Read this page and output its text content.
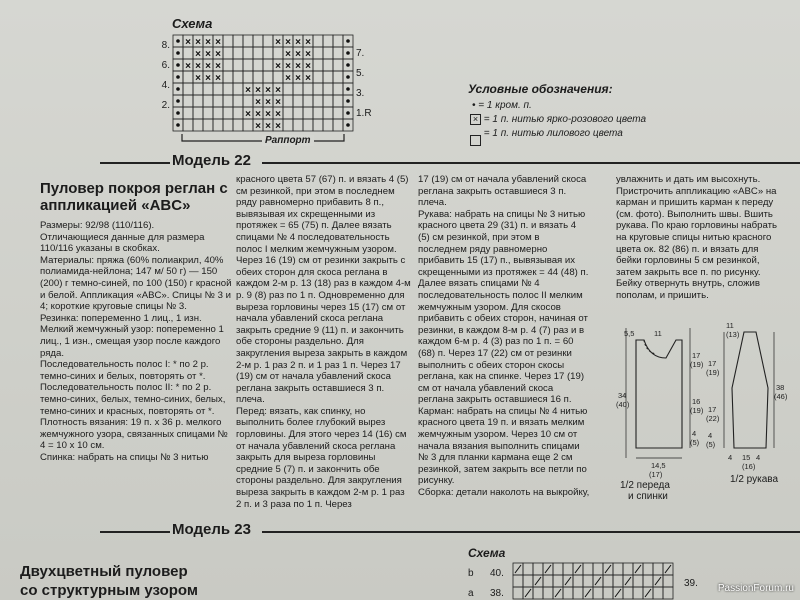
Схема
8.
6.
4.
2.
× × × ×	× × × ×
× × ×	× × ×
× × × ×	× × × ×
× × ×	× × ×
× × × ×
× × ×
× × × ×
× × ×
7.
5.
3.
1.R
Раппорт
Условные обозначения:
• = 1 кром. п.
× = 1 п. нитью ярко-розового цвета
= 1 п. нитью лилового цвета
Модель 22
Пуловер покроя реглан с аппликацией «ABC»

Размеры: 92/98 (110/116).

Отличающиеся данные для размера 110/116 указаны в скобках.

Материалы: пряжа (60% полиакрил, 40% полиамида-нейлона; 147 м/ 50 г) — 150 (200) г темно-синей, по 100 (150) г красной и белой. Аппликация «ABC». Спицы № 3 и 4; короткие круговые спицы № 3.

Резинка: попеременно 1 лиц., 1 изн.

Мелкий жемчужный узор: попеременно 1 лиц., 1 изн., смещая узор после каждого ряда.

Последовательность полос I: * по 2 р. темно-синих и белых, повторять от *.

Последовательность полос II: * по 2 р. темно-синих, белых, темно-синих, белых, темно-синих и красных, повторять от *.

Плотность вязания: 19 п. x 36 р. мелкого жемчужного узора, связанных спицами № 4 = 10 x 10 см.

Спинка: набрать на спицы № 3 нитью

красного цвета 57 (67) п. и вязать 4 (5) см резинкой, при этом в последнем ряду равномерно прибавить 8 п., вывязывая их скрещенными из протяжек = 65 (75) п. Далее вязать спицами № 4 последовательность полос I мелким жемчужным узором. Через 16 (19) см от резинки закрыть с обеих сторон для скоса реглана в каждом 2-м р. 13 (18) раз в каждом 4-м р. 9 (8) раз по 1 п. Одновременно для выреза горловины через 15 (17) см от начала убавлений скоса реглана закрыть средние 9 (11) п. и закончить обе стороны раздельно. Для закругления выреза закрыть в каждом 2-м р. 1 раз 2 п. и 1 раз 1 п. Через 17 (19) см от начала убавлений скоса реглана закрыть оставшиеся 3 п. плеча.

Перед: вязать, как спинку, но выполнить более глубокий вырез горловины. Для этого через 14 (16) см от начала убавлений скоса реглана закрыть для выреза горловины средние 5 (7) п. и закончить обе стороны раздельно. Для закругления выреза закрыть в каждом 2-м р. 1 раз 2 п. и 3 раза по 1 п. Через

17 (19) см от начала убавлений скоса реглана закрыть оставшиеся 3 п. плеча.

Рукава: набрать на спицы № 3 нитью красного цвета 29 (31) п. и вязать 4 (5) см резинкой, при этом в последнем ряду равномерно прибавить 15 (17) п., вывязывая их скрещенными из протяжек = 44 (48) п. Далее вязать спицами № 4 последовательность полос II мелким жемчужным узором. Для скосов прибавить с обеих сторон, начиная от резинки, в каждом 8-м р. 4 (7) раз и в каждом 6-м р. 4 (3) раз по 1 п. = 60 (68) п. Через 17 (22) см от резинки выполнить с обеих сторон скосы реглана, как на спинке. Через 17 (19) см от начала убавлений скоса реглана закрыть оставшиеся 16 п.

Карман: набрать на спицы № 4 нитью красного цвета 19 п. и вязать мелким жемчужным узором. Через 10 см от начала вязания выполнить спицами № 3 для планки кармана еще 2 см резинкой, затем закрыть все петли по рисунку.

Сборка: детали наколоть на выкройку,

увлажнить и дать им высохнуть. Пристрочить аппликацию «ABC» на карман и пришить карман к переду (см. фото). Выполнить швы. Вшить рукава. По краю горловины набрать на круговые спицы нитью красного цвета ок. 82 (86) п. и вязать для бейки горловины 5 см резинкой, затем закрыть все п. по рисунку. Бейку отвернуть внутрь, сложив пополам, и пришить.

34
(40)
17
(19)
16
(19)
4
(5)
14,5
(17)
5,5	11
11
(13)
17
(19)
17
(22)
4
(5)
38
(46)
4 15 4
(16)
1/2 переда
и спинки
1/2 рукава
Модель 23
Двухцветный пуловер
со структурным узором
Схема
b 40.
a 38.
39. PassionForum.ru
